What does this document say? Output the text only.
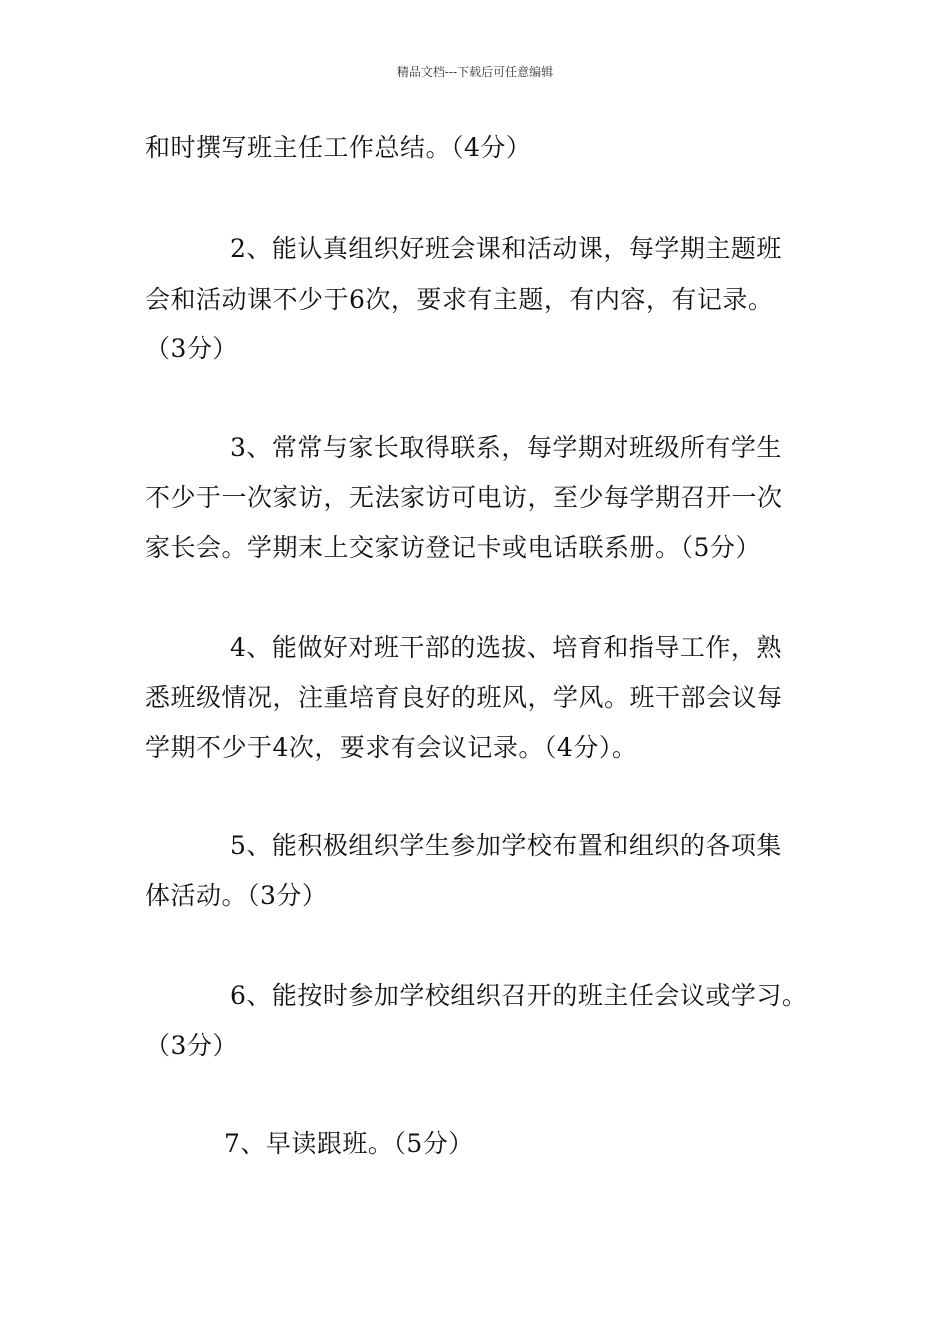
精品文档---下载后可任意编辑
和时撰写班主任工作总结。（4分）
2、能认真组织好班会课和活动课，每学期主题班
会和活动课不少于6次，要求有主题，有内容，有记录。
（3分）
3、常常与家长取得联系，每学期对班级所有学生
不少于一次家访，无法家访可电访，至少每学期召开一次
家长会。学期末上交家访登记卡或电话联系册。（5分）
4、能做好对班干部的选拔、培育和指导工作，熟
悉班级情况，注重培育良好的班风，学风。班干部会议每
学期不少于4次，要求有会议记录。（4分）。
5、能积极组织学生参加学校布置和组织的各项集
体活动。（3分）
6、能按时参加学校组织召开的班主任会议或学习。
（3分）
7、早读跟班。（5分）
